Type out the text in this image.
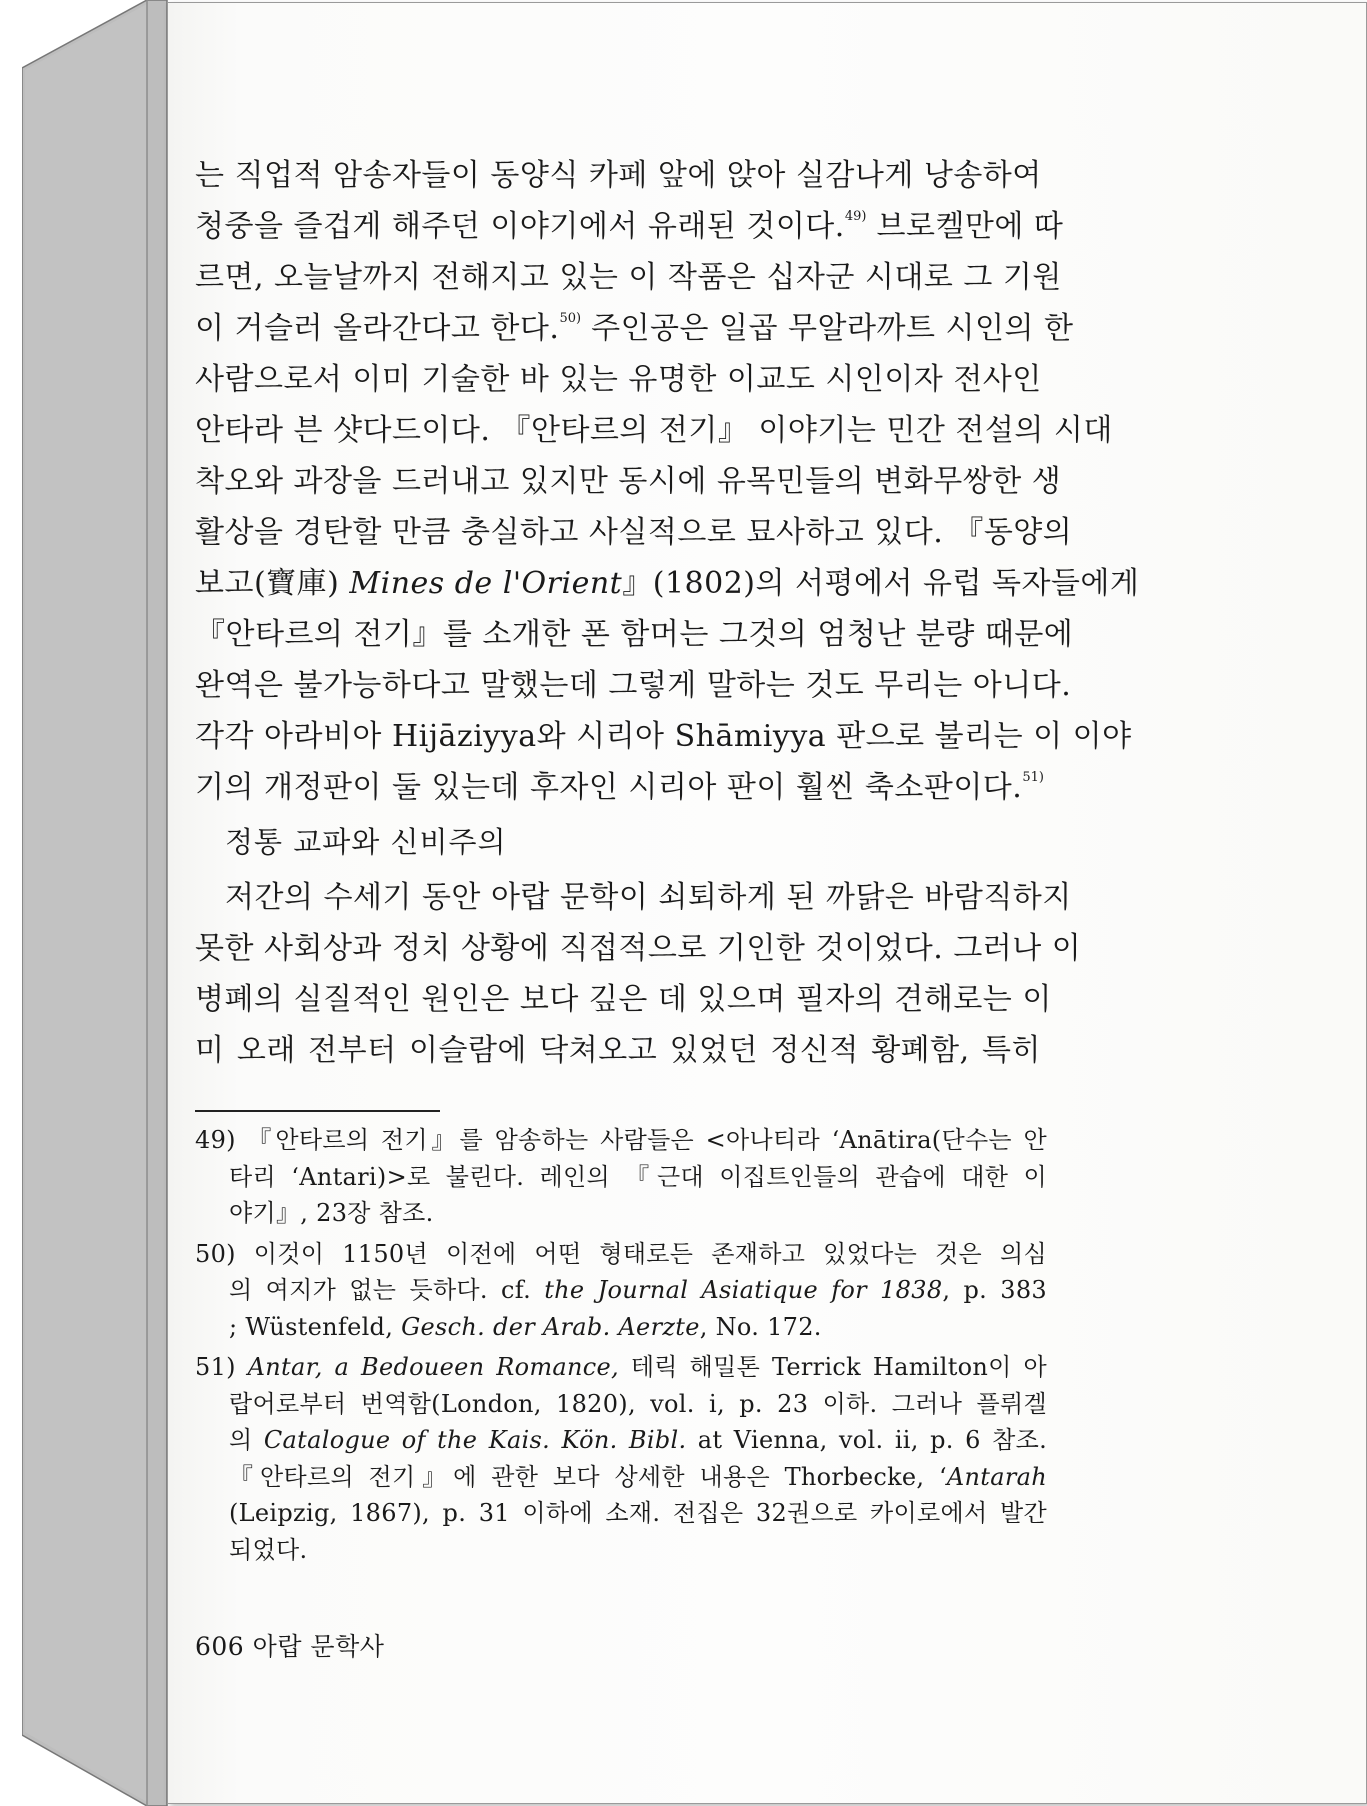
는 직업적 암송자들이 동양식 카페 앞에 앉아 실감나게 낭송하여
청중을 즐겁게 해주던 이야기에서 유래된 것이다.$^{49)}$ 브로켈만에 따
르면, 오늘날까지 전해지고 있는 이 작품은 십자군 시대로 그 기원
이 거슬러 올라간다고 한다.$^{50)}$ 주인공은 일곱 무알라까트 시인의 한
사람으로서 이미 기술한 바 있는 유명한 이교도 시인이자 전사인
안타라 븐 샷다드이다. 『안타르의 전기』 이야기는 민간 전설의 시대
착오와 과장을 드러내고 있지만 동시에 유목민들의 변화무쌍한 생
활상을 경탄할 만큼 충실하고 사실적으로 묘사하고 있다. 『동양의
보고(寶庫) Mines de l'Orient』(1802)의 서평에서 유럽 독자들에게
『안타르의 전기』를 소개한 폰 함머는 그것의 엄청난 분량 때문에
완역은 불가능하다고 말했는데 그렇게 말하는 것도 무리는 아니다.
각각 아라비아 Hijāziyya와 시리아 Shāmiyya 판으로 불리는 이 이야
기의 개정판이 둘 있는데 후자인 시리아 판이 훨씬 축소판이다.$^{51)}$
정통 교파와 신비주의
저간의 수세기 동안 아랍 문학이 쇠퇴하게 된 까닭은 바람직하지
못한 사회상과 정치 상황에 직접적으로 기인한 것이었다. 그러나 이
병폐의 실질적인 원인은 보다 깊은 데 있으며 필자의 견해로는 이
미 오래 전부터 이슬람에 닥쳐오고 있었던 정신적 황폐함, 특히
49) 『안타르의 전기』를 암송하는 사람들은 <아나티라 ‘Anātira(단수는 안
타리 ‘Antari)>로 불린다. 레인의 『근대 이집트인들의 관습에 대한 이
야기』, 23장 참조.
50) 이것이 1150년 이전에 어떤 형태로든 존재하고 있었다는 것은 의심
의 여지가 없는 듯하다. cf. the Journal Asiatique for 1838, p. 383
; Wüstenfeld, Gesch. der Arab. Aerzte, No. 172.
51) Antar, a Bedoueen Romance, 테릭 해밀톤 Terrick Hamilton이 아
랍어로부터 번역함(London, 1820), vol. i, p. 23 이하. 그러나 플뤼겔
의 Catalogue of the Kais. Kön. Bibl. at Vienna, vol. ii, p. 6 참조.
『안타르의 전기』에 관한 보다 상세한 내용은 Thorbecke, ‘Antarah
(Leipzig, 1867), p. 31 이하에 소재. 전집은 32권으로 카이로에서 발간
되었다.
606 아랍 문학사
